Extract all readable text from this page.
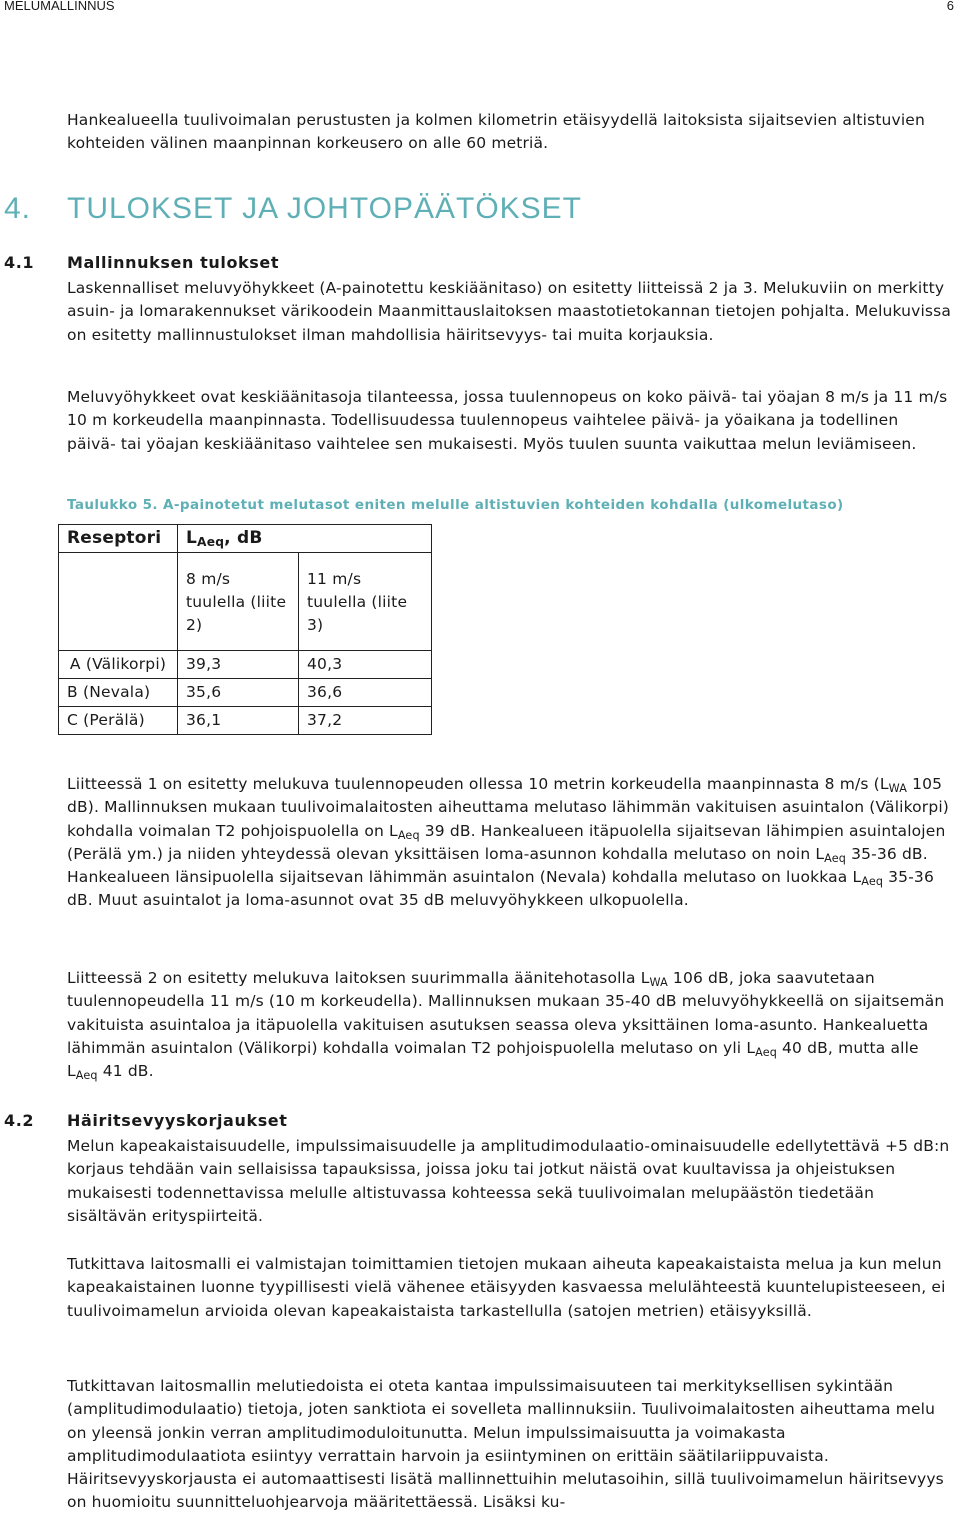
MELUMALLINNUS	6

Hankealueella tuulivoimalan perustusten ja kolmen kilometrin etäisyydellä laitoksista sijaitsevien altistuvien kohteiden välinen maanpinnan korkeusero on alle 60 metriä.

4. TULOKSET JA JOHTOPÄÄTÖKSET
4.1 Mallinnuksen tulokset

Laskennalliset meluvyöhykkeet (A-painotettu keskiäänitaso) on esitetty liitteissä 2 ja 3. Melukuviin on merkitty asuin- ja lomarakennukset värikoodein Maanmittauslaitoksen maastotietokannan tietojen pohjalta. Melukuvissa on esitetty mallinnustulokset ilman mahdollisia häiritsevyys- tai muita korjauksia.

Meluvyöhykkeet ovat keskiäänitasoja tilanteessa, jossa tuulennopeus on koko päivä- tai yöajan 8 m/s ja 11 m/s 10 m korkeudella maanpinnasta. Todellisuudessa tuulennopeus vaihtelee päivä- ja yöaikana ja todellinen päivä- tai yöajan keskiäänitaso vaihtelee sen mukaisesti. Myös tuulen suunta vaikuttaa melun leviämiseen.

Taulukko 5. A-painotetut melutasot eniten melulle altistuvien kohteiden kohdalla (ulkomelutaso)

Reseptori	$L_{Aeq}$, dB	
	8 m/s tuulella (liite 2)	11 m/s tuulella (liite 3)
A (Välikorpi)	39,3	40,3
B (Nevala)	35,6	36,6
C (Perälä)	36,1	37,2

Liitteessä 1 on esitetty melukuva tuulennopeuden ollessa 10 metrin korkeudella maanpinnasta 8 m/s ($L_{WA}$ 105 dB). Mallinnuksen mukaan tuulivoimalaitosten aiheuttama melutaso lähimmän vakituisen asuintalon (Välikorpi) kohdalla voimalan T2 pohjoispuolella on $L_{Aeq}$ 39 dB. Hankealueen itäpuolella sijaitsevan lähimpien asuintalojen (Perälä ym.) ja niiden yhteydessä olevan yksittäisen loma-asunnon kohdalla melutaso on noin $L_{Aeq}$ 35-36 dB. Hankealueen länsipuolella sijaitsevan lähimmän asuintalon (Nevala) kohdalla melutaso on luokkaa $L_{Aeq}$ 35-36 dB. Muut asuintalot ja loma-asunnot ovat 35 dB meluvyöhykkeen ulkopuolella.

Liitteessä 2 on esitetty melukuva laitoksen suurimmalla äänitehotasolla $L_{WA}$ 106 dB, joka saavutetaan tuulennopeudella 11 m/s (10 m korkeudella). Mallinnuksen mukaan 35-40 dB meluvyöhykkeellä on sijaitsemän vakituista asuintaloa ja itäpuolella vakituisen asutuksen seassa oleva yksittäinen loma-asunto. Hankealuetta lähimmän asuintalon (Välikorpi) kohdalla voimalan T2 pohjoispuolella melutaso on yli $L_{Aeq}$ 40 dB, mutta alle $L_{Aeq}$ 41 dB.

4.2 Häiritsevyyskorjaukset

Melun kapeakaistaisuudelle, impulssimaisuudelle ja amplitudimodulaatio-ominaisuudelle edellytettävä +5 dB:n korjaus tehdään vain sellaisissa tapauksissa, joissa joku tai jotkut näistä ovat kuultavissa ja ohjeistuksen mukaisesti todennettavissa melulle altistuvassa kohteessa sekä tuulivoimalan melupäästön tiedetään sisältävän erityspiirteitä.

Tutkittava laitosmalli ei valmistajan toimittamien tietojen mukaan aiheuta kapeakaistaista melua ja kun melun kapeakaistainen luonne tyypillisesti vielä vähenee etäisyyden kasvaessa melulähteestä kuuntelupisteeseen, ei tuulivoimamelun arvioida olevan kapeakaistaista tarkastellulla (satojen metrien) etäisyyksillä.

Tutkittavan laitosmallin melutiedoista ei oteta kantaa impulssimaisuuteen tai merkityksellisen sykintään (amplitudimodulaatio) tietoja, joten sanktiota ei sovelleta mallinnuksiin. Tuulivoimalaitosten aiheuttama melu on yleensä jonkin verran amplitudimoduloitunutta. Melun impulssimaisuutta ja voimakasta amplitudimodulaatiota esiintyy verrattain harvoin ja esiintyminen on erittäin säätilariippuvaista. Häiritsevyyskorjausta ei automaattisesti lisätä mallinnettuihin melutasoihin, sillä tuulivoimamelun häiritsevyys on huomioitu suunnitteluohjearvoja määritettäessä. Lisäksi ku-
